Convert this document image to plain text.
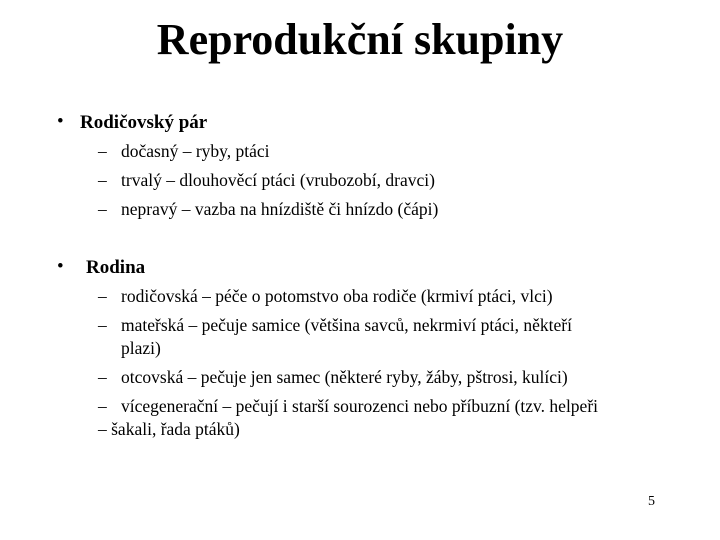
Reprodukční skupiny
• Rodičovský pár
– dočasný – ryby, ptáci
– trvalý – dlouhověcí ptáci (vrubozobí, dravci)
– nepravý – vazba na hnízdiště či hnízdo (čápi)
• Rodina
– rodičovská – péče o potomstvo oba rodiče (krmiví ptáci, vlci)
– mateřská – pečuje samice (většina savců, nekrmiví ptáci, někteří
plazi)
– otcovská – pečuje jen samec (některé ryby, žáby, pštrosi, kulíci)
– vícegenerační – pečují i starší sourozenci nebo příbuzní (tzv. helpeři
– šakali, řada ptáků)
5
